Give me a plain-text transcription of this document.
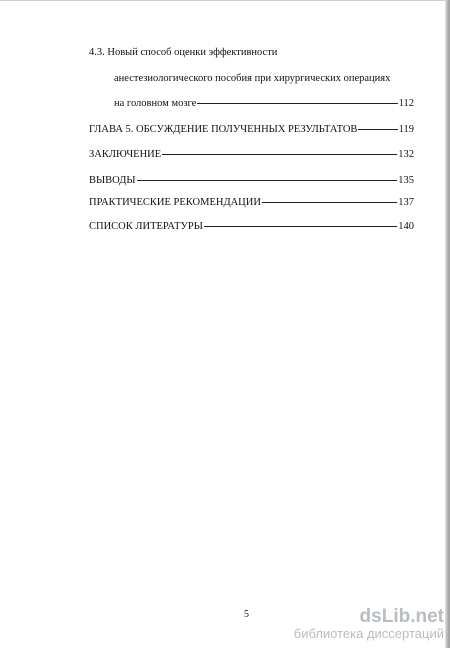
4.3. Новый способ оценки эффективности
анестезиологического пособия при хирургических операциях
на головном мозге	112
ГЛАВА 5. ОБСУЖДЕНИЕ ПОЛУЧЕННЫХ РЕЗУЛЬТАТОВ	119
ЗАКЛЮЧЕНИЕ	132
ВЫВОДЫ	135
ПРАКТИЧЕСКИЕ РЕКОМЕНДАЦИИ	137
СПИСОК ЛИТЕРАТУРЫ	140
5	dsLib.net
библиотека диссертаций
